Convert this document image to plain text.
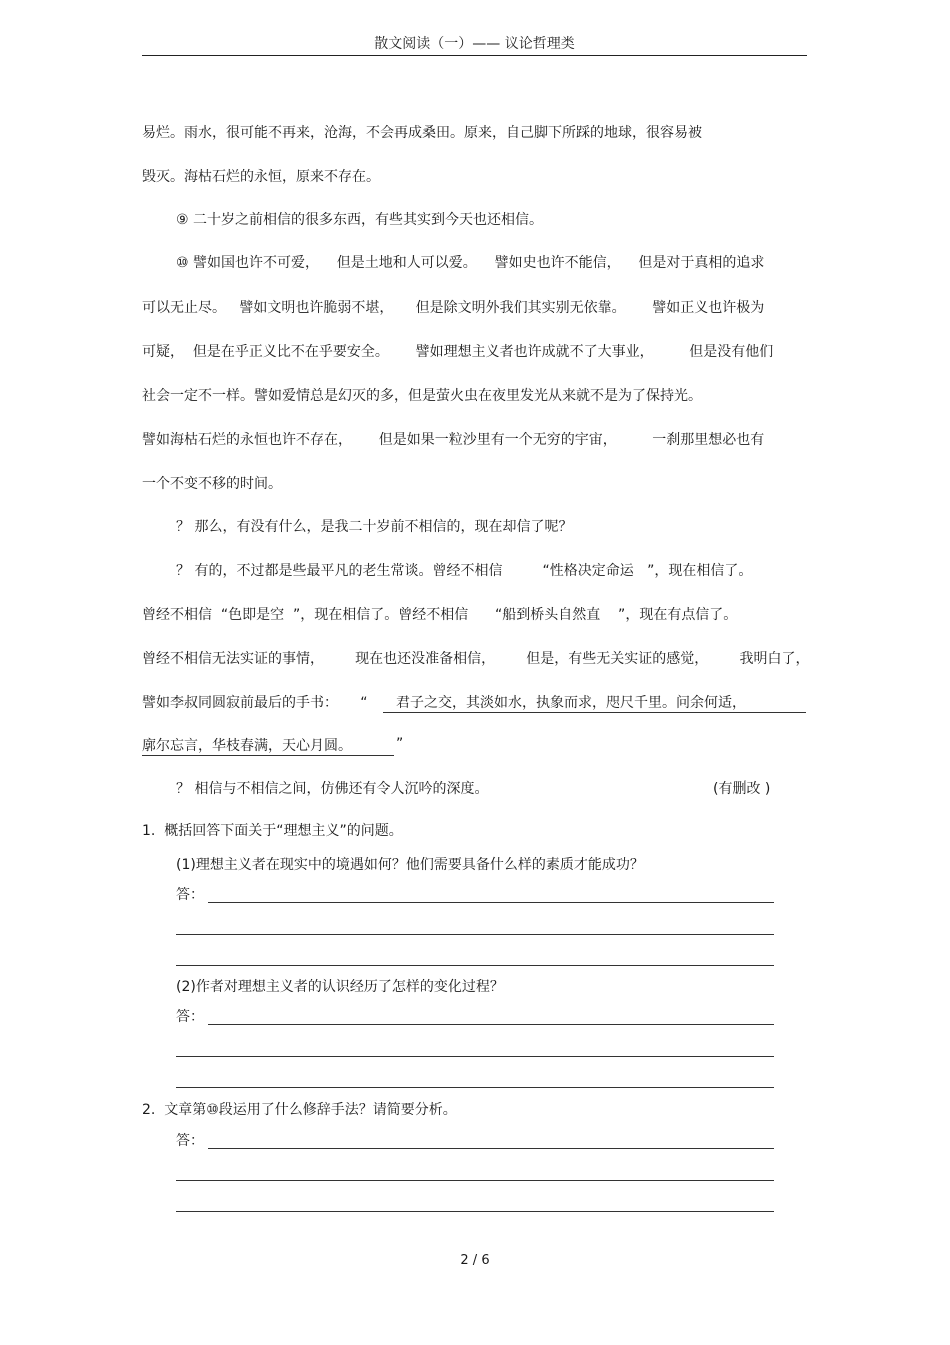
散文阅读（一）—— 议论哲理类
易烂。雨水，很可能不再来，沧海，不会再成桑田。原来，自己脚下所踩的地球，很容易被
毁灭。海枯石烂的永恒，原来不存在。
⑨ 二十岁之前相信的很多东西，有些其实到今天也还相信。
⑩ 譬如国也许不可爱，    但是土地和人可以爱。    譬如史也许不能信，    但是对于真相的追求
可以无止尽。   譬如文明也许脆弱不堪，     但是除文明外我们其实别无依靠。      譬如正义也许极为
可疑，  但是在乎正义比不在乎要安全。      譬如理想主义者也许成就不了大事业，        但是没有他们
社会一定不一样。譬如爱情总是幻灭的多，但是萤火虫在夜里发光从来就不是为了保持光。
譬如海枯石烂的永恒也许不存在，      但是如果一粒沙里有一个无穷的宇宙，        一刹那里想必也有
一个不变不移的时间。
？ 那么，有没有什么，是我二十岁前不相信的，现在却信了呢？
？ 有的，不过都是些最平凡的老生常谈。曾经不相信         “性格决定命运   ”，现在相信了。
曾经不相信  “色即是空  ”，现在相信了。曾经不相信      “船到桥头自然直    ”，现在有点信了。
曾经不相信无法实证的事情，       现在也还没准备相信，       但是，有些无关实证的感觉，       我明白了，
譬如李叔同圆寂前最后的手书：     “ 君子之交，其淡如水，执象而求，咫尺千里。问余何适，
廓尔忘言，华枝春满，天心月圆。	”
？ 相信与不相信之间，仿佛还有令人沉吟的深度。	(有删改 )
1.  概括回答下面关于“理想主义”的问题。
(1)理想主义者在现实中的境遇如何？他们需要具备什么样的素质才能成功？
答：
(2)作者对理想主义者的认识经历了怎样的变化过程？
答：
2.  文章第⑩段运用了什么修辞手法？请简要分析。
答：
2 / 6
